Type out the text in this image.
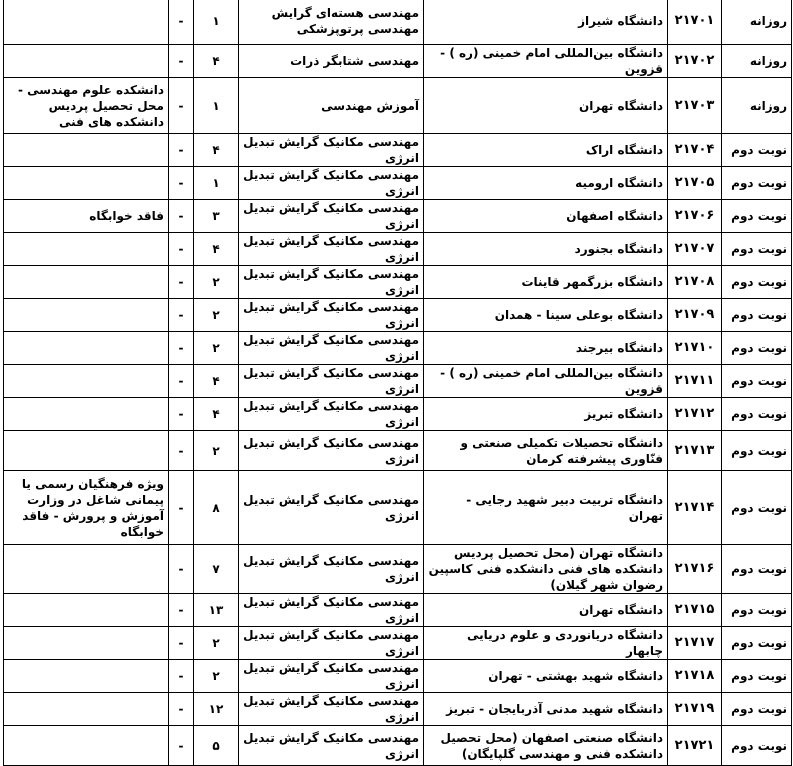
روزانه	۲۱۷۰۱	دانشگاه شیراز	مهندسی هسته‌ای گرایش مهندسی پرتوپزشکی	۱	-	
روزانه	۲۱۷۰۲	دانشگاه بین‌المللی امام خمینی (ره ) - قزوین	مهندسی شتابگر ذرات	۴	-	
روزانه	۲۱۷۰۳	دانشگاه تهران	آموزش مهندسی	۱	-	دانشکده علوم مهندسی - محل تحصیل پردیس دانشکده های فنی
نوبت دوم	۲۱۷۰۴	دانشگاه اراک	مهندسی مکانیک گرایش تبدیل انرژی	۴	-	
نوبت دوم	۲۱۷۰۵	دانشگاه ارومیه	مهندسی مکانیک گرایش تبدیل انرژی	۱	-	
نوبت دوم	۲۱۷۰۶	دانشگاه اصفهان	مهندسی مکانیک گرایش تبدیل انرژی	۳	-	فاقد خوابگاه
نوبت دوم	۲۱۷۰۷	دانشگاه بجنورد	مهندسی مکانیک گرایش تبدیل انرژی	۴	-	
نوبت دوم	۲۱۷۰۸	دانشگاه بزرگمهر قاینات	مهندسی مکانیک گرایش تبدیل انرژی	۲	-	
نوبت دوم	۲۱۷۰۹	دانشگاه بوعلی سینا - همدان	مهندسی مکانیک گرایش تبدیل انرژی	۲	-	
نوبت دوم	۲۱۷۱۰	دانشگاه بیرجند	مهندسی مکانیک گرایش تبدیل انرژی	۲	-	
نوبت دوم	۲۱۷۱۱	دانشگاه بین‌المللی امام خمینی (ره ) - قزوین	مهندسی مکانیک گرایش تبدیل انرژی	۴	-	
نوبت دوم	۲۱۷۱۲	دانشگاه تبریز	مهندسی مکانیک گرایش تبدیل انرژی	۴	-	
نوبت دوم	۲۱۷۱۳	دانشگاه تحصیلات تکمیلی صنعتی و فنّاوری پیشرفته کرمان	مهندسی مکانیک گرایش تبدیل انرژی	۲	-	
نوبت دوم	۲۱۷۱۴	دانشگاه تربیت دبیر شهید رجایی - تهران	مهندسی مکانیک گرایش تبدیل انرژی	۸	-	ویژه فرهنگیان رسمی یا پیمانی شاغل در وزارت آموزش و پرورش - فاقد خوابگاه
نوبت دوم	۲۱۷۱۶	دانشگاه تهران (محل تحصیل پردیس دانشکده های فنی دانشکده فنی کاسپین رضوان شهر گیلان)	مهندسی مکانیک گرایش تبدیل انرژی	۷	-	
نوبت دوم	۲۱۷۱۵	دانشگاه تهران	مهندسی مکانیک گرایش تبدیل انرژی	۱۳	-	
نوبت دوم	۲۱۷۱۷	دانشگاه دریانوردی و علوم دریایی چابهار	مهندسی مکانیک گرایش تبدیل انرژی	۲	-	
نوبت دوم	۲۱۷۱۸	دانشگاه شهید بهشتی - تهران	مهندسی مکانیک گرایش تبدیل انرژی	۲	-	
نوبت دوم	۲۱۷۱۹	دانشگاه شهید مدنی آذربایجان - تبریز	مهندسی مکانیک گرایش تبدیل انرژی	۱۲	-	
نوبت دوم	۲۱۷۲۱	دانشگاه صنعتی اصفهان (محل تحصیل دانشکده فنی و مهندسی گلپایگان)	مهندسی مکانیک گرایش تبدیل انرژی	۵	-	
